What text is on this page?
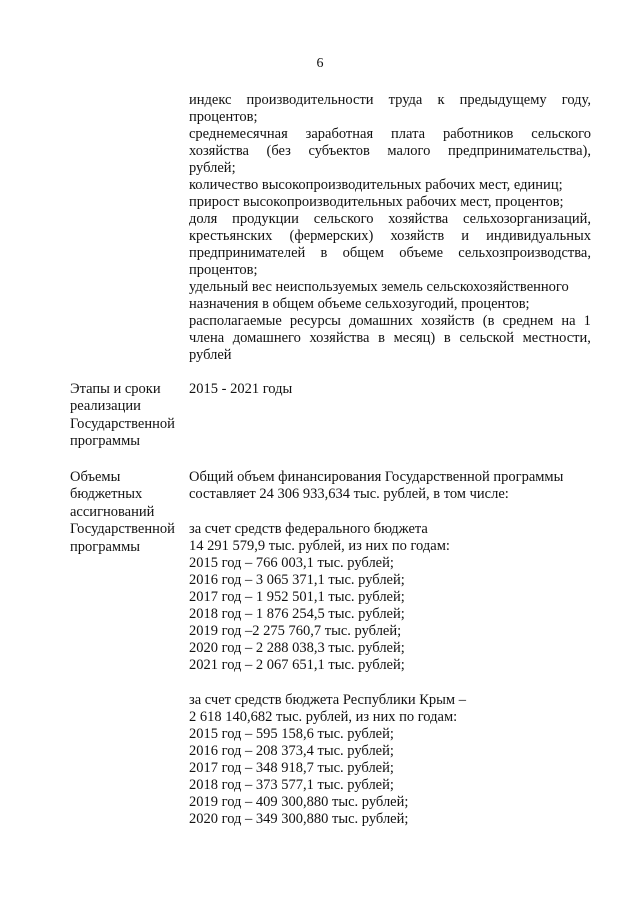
6
индекс производительности труда к предыдущему году,
процентов;
среднемесячная заработная плата работников сельского
хозяйства (без субъектов малого предпринимательства),
рублей;
количество высокопроизводительных рабочих мест, единиц;
прирост высокопроизводительных рабочих мест, процентов;
доля продукции сельского хозяйства сельхозорганизаций,
крестьянских (фермерских) хозяйств и индивидуальных
предпринимателей в общем объеме сельхозпроизводства,
процентов;
удельный вес неиспользуемых земель сельскохозяйственного
назначения в общем объеме сельхозугодий, процентов;
располагаемые ресурсы домашних хозяйств (в среднем на 1
члена домашнего хозяйства в месяц) в сельской местности,
рублей
Этапы и сроки
реализации
Государственной
программы
2015 - 2021 годы
Объемы
бюджетных
ассигнований
Государственной
программы
Общий объем финансирования Государственной программы
составляет 24 306 933,634 тыс. рублей, в том числе:
за счет средств федерального бюджета
14 291 579,9 тыс. рублей, из них по годам:
2015 год – 766 003,1 тыс. рублей;
2016 год – 3 065 371,1 тыс. рублей;
2017 год – 1 952 501,1 тыс. рублей;
2018 год – 1 876 254,5 тыс. рублей;
2019 год –2 275 760,7 тыс. рублей;
2020 год – 2 288 038,3 тыс. рублей;
2021 год – 2 067 651,1 тыс. рублей;
за счет средств бюджета Республики Крым –
2 618 140,682 тыс. рублей, из них по годам:
2015 год – 595 158,6 тыс. рублей;
2016 год – 208 373,4 тыс. рублей;
2017 год – 348 918,7 тыс. рублей;
2018 год – 373 577,1 тыс. рублей;
2019 год – 409 300,880 тыс. рублей;
2020 год – 349 300,880 тыс. рублей;
